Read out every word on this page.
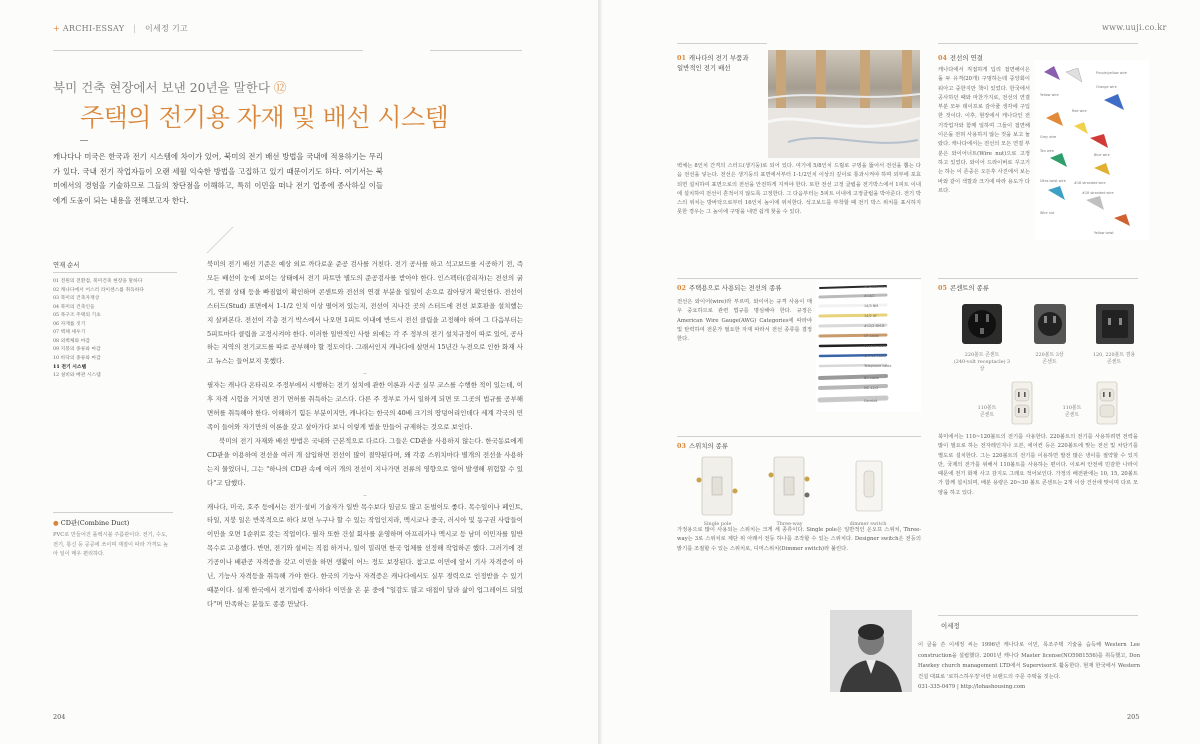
+ ARCHI-ESSAY | 이세정 기고
북미 건축 현장에서 보낸 20년을 말한다 ⑫
주택의 전기용 자재 및 배선 시스템
캐나다나 미국은 한국과 전기 시스템에 차이가 있어, 북미의 전기 배선 방법을 국내에 적용하기는 무리가 있다. 국내 전기 작업자들이 오랜 세월 익숙한 방법을 고집하고 있기 때문이기도 하다. 여기서는 북미에서의 경험을 기술하므로 그들의 창단점을 이해하고, 특히 이민을 떠나 전기 업종에 종사하실 이들에게 도움이 되는 내용을 전해보고자 한다.
연재 순서
01 전원의 전환점, 북미건축 현장을 말하다
02 캐나다에서 어스러 라이센스를 취득하다
03 북미의 건축자재상
04 북미의 건축인들
05 목구조 주택의 기초
06 자재를 짓기
07 벽체 세우기
08 외벽체와 마감
09 지붕의 종류와 마감
10 바닥의 종류와 마감
11 전기 시스템
12 설비와 배관 시스템
● CD관(Combine Duct)
PVC로 만들어진 플렉시블 주름관이다. 전기, 수도, 전기, 통신 등 공공에 쓰이며 재질이 따라 가격도 높아 일이 매우 편리하다.
북미의 전기 배선 기준은 예상 외로 까다로운 준공 검사를 거친다. 전기 공사를 하고 석고보드를 시공하기 전, 즉 모든 배선이 눈에 보이는 상태에서 전기 파트만 별도의 준공검사를 받아야 한다. 인스펙터(감리자)는 전선의 굵기, 연결 상태 등을 빠짐없이 확인하며 콘센트와 전선의 연결 부분을 일일이 손으로 잡아당겨 확인한다. 전선이 스터드(Stud) 표면에서 1-1/2 인치 이상 떨어져 있는지, 전선이 지나간 곳의 스터드에 전선 보호판을 설치했는지 살펴본다. 전선이 각층 전기 박스에서 나오면 1피트 이내에 반드시 전선 클립을 고정해야 하며 그 다음부터는 5피트마다 클립을 고정시켜야 한다. 이러한 일반적인 사항 외에는 각 주 정부의 전기 설치규정이 따로 있어, 공사하는 지역의 전기코드를 따로 공부해야 할 정도이다. 그래서인지 캐나다에 살면서 15년간 누전으로 인한 화재 사고 뉴스는 들어보지 못했다.
–
필자는 캐나다 온타리오 주정부에서 시행하는 전기 설치에 관한 이론과 시공 실무 코스를 수행한 적이 있는데, 이후 자격 시험을 거치면 전기 면허를 취득하는 코스다. 다른 주 정부로 가서 일하게 되면 또 그곳의 법규를 공부해 면허를 취득해야 한다. 이해하기 힘든 부분이지만, 캐나다는 한국의 40배 크기의 땅덩어리인데다 세계 각국의 민족이 들어와 자기만의 이론을 갖고 살아가다 보니 이렇게 법을 만들어 규제하는 것으로 보인다.
북미의 전기 자재와 배선 방법은 국내와 근본적으로 다르다. 그들은 CD관을 사용하지 않는다. 한국동료에게 CD관을 이용하여 전선을 여러 개 삽입하면 전선이 많이 절약된다며, 왜 각종 스위치마다 별개의 전선을 사용하는지 물었더니, 그는 "하나의 CD관 속에 여러 개의 전선이 지나가면 전류의 영향으로 얼어 발생해 위험할 수 있다"고 답했다.
–
캐나다, 미국, 호주 등에서는 전기·설비 기술자가 일반 목수보다 임금도 많고 돈벌이도 좋다. 목수일이나 페인트, 타일, 지붕 일은 반복적으로 하다 보면 누구나 할 수 있는 작업인지라, 멕시코나 중국, 러시아 및 동구권 사람들이 이민을 오면 1순위로 갖는 직업이다. 필자 또한 건설 회사를 운영하며 아프리카나 멕시코 등 남미 이민자를 일반 목수로 고용했다. 반면, 전기와 설비는 직접 하거나, 일이 밀리면 한국 업체를 선정해 작업하곤 했다. 그러기에 전기공이나 배관공 자격증을 갖고 이민을 하면 생활이 어느 정도 보장된다. 참고로 이민에 앞서 기사 자격증이 아닌, 기능사 자격등을 취득해 가야 한다. 한국의 기능사 자격증은 캐나다에서도 실무 경력으로 인정받을 수 있기 때문이다. 실제 한국에서 전기업에 종사하다 이민을 온 분 중에 "일감도 많고 대접이 달라 삶이 업그레이드 되었다"며 만족하는 분들도 종종 만났다.
204
www.uuji.co.kr
01 캐나다의 전기 부품과
일반적인 전기 배선
벽체는 8인치 간격의 스터드(생기둥)로 되어 있다. 여기에 5/8인치 드릴로 구멍을 뚫어서 전선을 뽑는 다음 전선을 넣는다. 전선은 생기둥의 표면에서부터 1-1/2인치 이상의 깊이로 통과시켜야 하며 외부에 포효되면 설치하여 표면으로의 전선을 안전하게 지켜야 한다. 또한 전선 고정 클립을 전기박스에서 1피트 이내에 설치하여 전선이 흔적이지 않도록 고정한다. 그 다음부터는 5피트 이내에 고정클립을 박아준다. 전기 박스의 위치는 방바닥으로부터 16인치 높이에 위치한다. 석고보드를 부착할 때 전기 박스 위치를 표시하지 못한 경우는 그 높이에 구멍을 내면 쉽게 찾을 수 있다.
04 전선의 연결
캐나다에서 직접하게 딥리 접면해이은돌 두 유격(20개) 구멍하는데 중앙회이 워아고 중한지만 책이 있었다. 한국에서 공사하던 때와 마찬가지로, 전선의 연결부분 모두 테이프로 감아줄 생각에 구입한 것이다. 이후, 현장에서 캐나다인 전기작업자와 함께 일하며 그들이 접면해이은돌 전혀 사용하지 않는 것을 보고 놀랐다. 캐나다에서는 전선의 모든 연결 부분은 와이어너트(Wire nut)으로 고정하고 있었다. 와이어 드라이버로 꾸고기는 하는 이 존중은 오든후 사진에서 보는 바와 같이 색깔과 크기에 따라 용도가 다르다.
Purple/yellow wire
Orange wire
Yellow wire
Red wire
Grey wire
Blue wire
Tan wire
#18 stranded wire
Ultra-twist wire
#18 stranded wire
Wire nut
Yellow twist
02 주택용으로 사용되는 전선의 종류
전선은 와이어(wire)라 부르며, 와이어는 규격 사용이 매우 중요하므로 관련 법규를 명심해야 한다. 규정은 American Wire Gauge(AWG) Categories에 따라야 및 탄력하여 전문가 필요한 자재 따라서 전선 종류를 결정한다.
#14 standard
#14/2
14/3 NM
14/2 UF
#12/2 NM-B
UF cable
Coaxial cable
CAT 5E cable
Telephone cable
BX cable
MC 12/3
Conduit
03 스위치의 종류
Single pole	Three-way	dimmer switch
가정용으로 많이 사용되는 스위치는 크게 세 종류이다. Single pole은 일반적인 온오프 스위치, Three-way는 3로 스위치로 계단 위 아래서 전등 하나를 조작할 수 있는 스위치다. Designer switch은 전등의 밝기를 조절할 수 있는 스위치로, 디머스위치(Dimmer switch)라 불린다.
05 콘센트의 종류
220볼트 콘센트
(240-volt receptacle) 3상
220볼트 3상
콘센트
120, 220볼트 겸용
콘센트
110볼트
콘센트
110볼트
콘센트
북미에서는 110~120볼트의 전기를 사용한다. 220볼트의 전기를 사용하려면 전력을 많이 필요로 하는 전자레인지나 오븐, 에어컨 등은 220볼트에 맞는 전선 및 차단기를 별도로 설치한다. 그는 220볼트의 전기를 이용하면 발전 많은 냉이를 절약할 수 있지만, 국제의 전가를 위해서 110볼트를 사용하는 편이다. 이로써 안전에 민감한 나라이 때문에 전기 화재 사고 감지도 그래요 적어보인다. 가정의 배전판에는 10, 15, 20볼트가 함께 설치되며, 배분 용량은 20~30 볼트 콘센트는 2개 이상 건선에 맞이며 다르 모양을 하고 있다.
이세정
이 글을 쓴 이세정 씨는 1996년 캐나다로 이민, 목조주택 기술을 습득해 Western Lee construction을 설립했다. 2001년 캐나다 Master license(NO5981556)를 취득했고, Don Hawkey church management LTD에서 Supervisor로 활동한다. 현재 한국에서 Western 건설 대표로 '로하스하우징'이란 브랜드의 주문 주택을 짓는다.
031-335-0479 | http://lohashousing.com
205
